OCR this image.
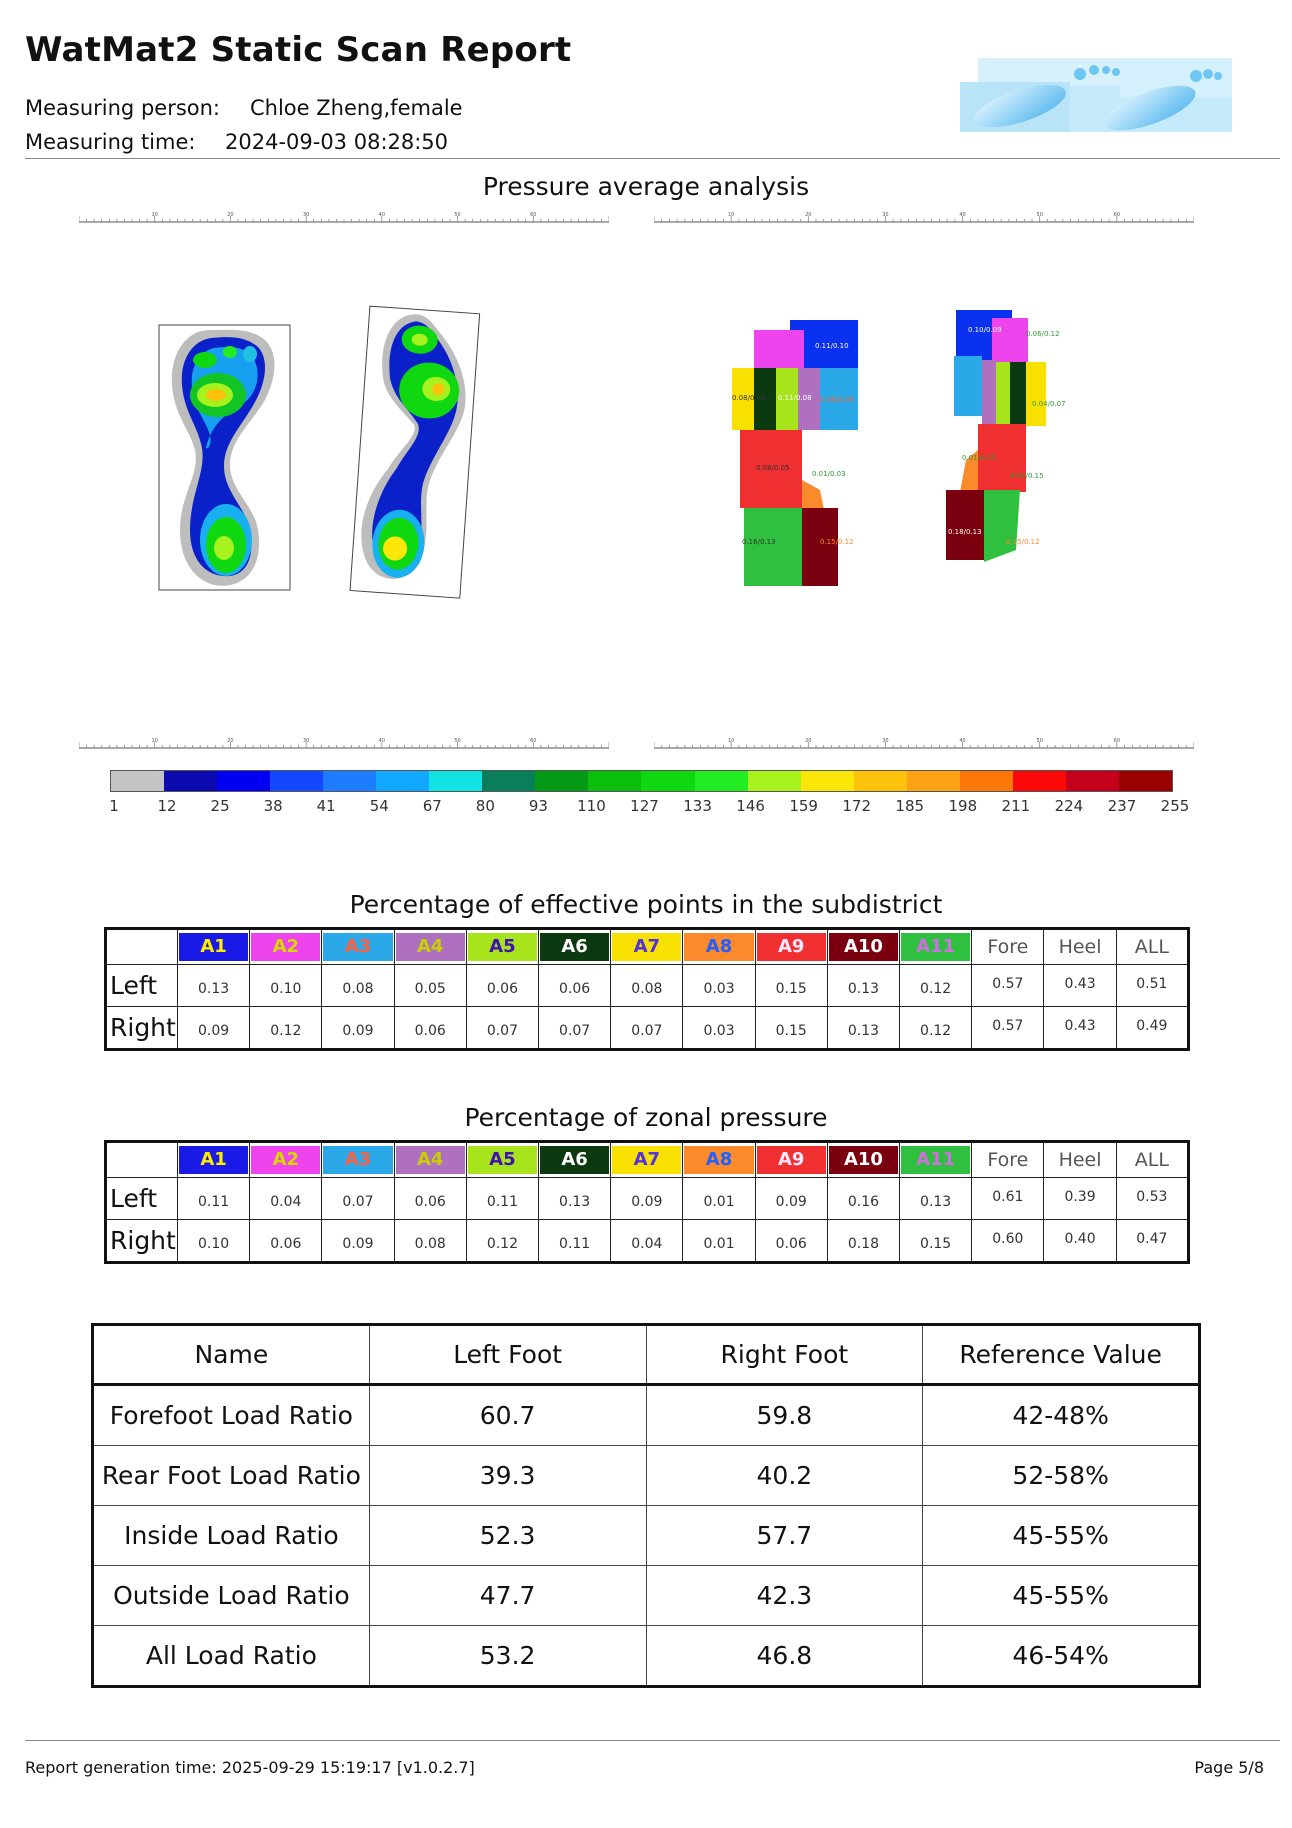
WatMat2 Static Scan Report
Measuring person: Chloe Zheng,female
Measuring time: 2024-09-03 08:28:50
Pressure average analysis
10	20	30	40	50	60	10	20	30	40	50	60
10	20	30	40	50	60	10	20	30	40	50	60
0.11/0.10
0.08/0.06 0.11/0.08 0.06/0.06
0.08/0.05
0.01/0.03
0.16/0.13	0.15/0.12
0.10/0.09	0.06/0.12
0.04/0.07
0.01/0.03
0.09/0.15
0.18/0.13
0.15/0.12
1	12 25 38 41 54 67 80 93 110 127 133 146 159 172 185 198 211 224 237 255
Percentage of effective points in the subdistrict

	A1	A2	A3	A4	A5	A6	A7	A8	A9	A10	A11	Fore	Heel	ALL
Left	0.13	0.10	0.08	0.05	0.06	0.06	0.08	0.03	0.15	0.13	0.12	0.57	0.43	0.51
Right	0.09	0.12	0.09	0.06	0.07	0.07	0.07	0.03	0.15	0.13	0.12	0.57	0.43	0.49
Percentage of zonal pressure

	A1	A2	A3	A4	A5	A6	A7	A8	A9	A10	A11	Fore	Heel	ALL
Left	0.11	0.04	0.07	0.06	0.11	0.13	0.09	0.01	0.09	0.16	0.13	0.61	0.39	0.53
Right	0.10	0.06	0.09	0.08	0.12	0.11	0.04	0.01	0.06	0.18	0.15	0.60	0.40	0.47
Name	Left Foot	Right Foot	Reference Value
Forefoot Load Ratio	60.7	59.8	42-48%
Rear Foot Load Ratio	39.3	40.2	52-58%
Inside Load Ratio	52.3	57.7	45-55%
Outside Load Ratio	47.7	42.3	45-55%
All Load Ratio	53.2	46.8	46-54%
Report generation time: 2025-09-29 15:19:17 [v1.0.2.7]	Page 5/8
